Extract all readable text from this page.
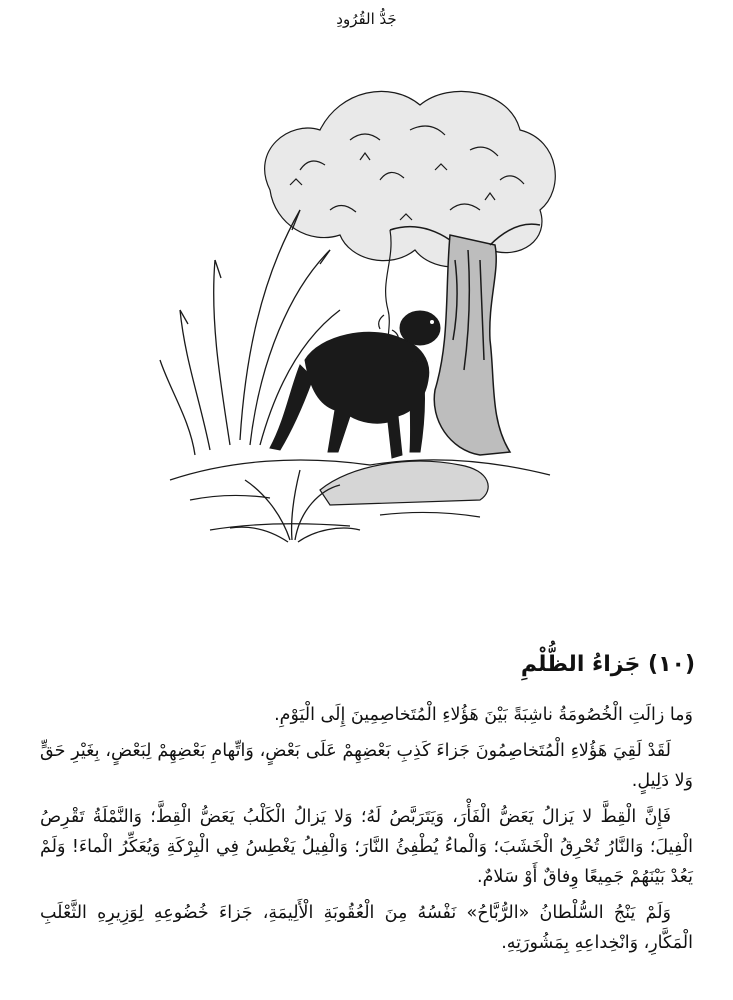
جَدُّ القُرُودِ
(١٠) جَزاءُ الظُّلْمِ

وَما زالَتِ الْخُصُومَةُ ناشِبَةً بَيْنَ هَؤُلاءِ الْمُتَخاصِمِينَ إِلَى الْيَوْمِ.

لَقَدْ لَقِيَ هَؤُلاءِ الْمُتَخاصِمُونَ جَزاءَ كَذِبِ بَعْضِهِمْ عَلَى بَعْضٍ، وَاتِّهامِ بَعْضِهِمْ لِبَعْضٍ، بِغَيْرِ حَقٍّ وَلا دَلِيلٍ.

فَإِنَّ الْقِطَّ لا يَزالُ يَعَضُّ الْفَأْرَ، وَيَتَرَبَّصُ لَهُ؛ وَلا يَزالُ الْكَلْبُ يَعَضُّ الْقِطَّ؛ وَالنَّمْلَةُ تَقْرِصُ الْفِيلَ؛ وَالنَّارُ تُحْرِقُ الْخَشَبَ؛ وَالْماءُ يُطْفِئُ النَّارَ؛ وَالْفِيلُ يَغْطِسُ فِي الْبِرْكَةِ وَيُعَكِّرُ الْماءَ! وَلَمْ يَعُدْ بَيْنَهُمْ جَمِيعًا وِفاقٌ أَوْ سَلامٌ.

وَلَمْ يَنْجُ السُّلْطانُ «الرُّبَّاحُ» نَفْسُهُ مِنَ الْعُقُوبَةِ الْأَلِيمَةِ، جَزاءَ خُضُوعِهِ لِوَزِيرِهِ الثَّعْلَبِ الْمَكَّارِ، وَانْخِداعِهِ بِمَشُورَتِهِ.
